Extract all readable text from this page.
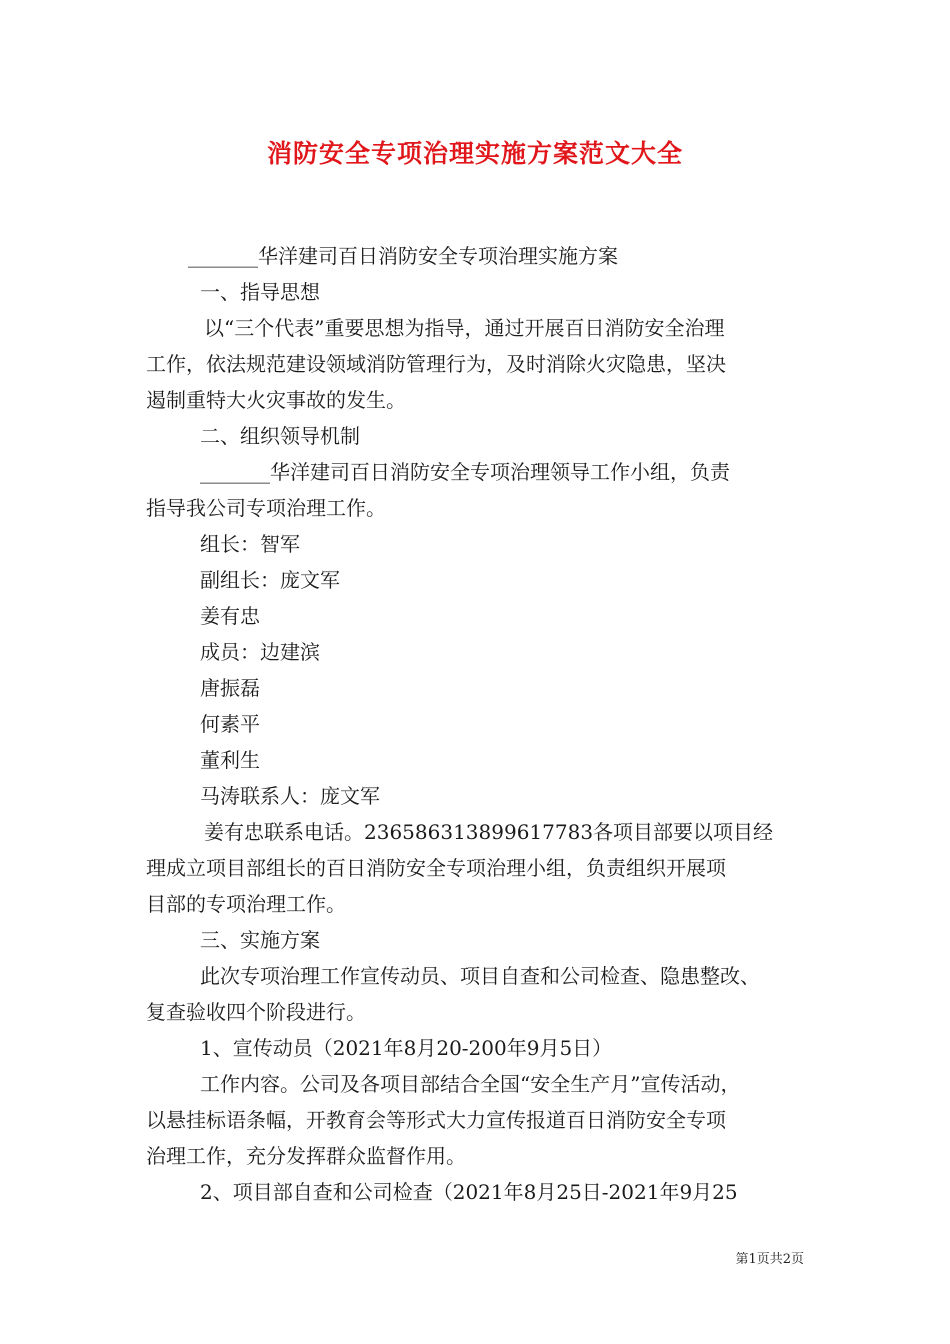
消防安全专项治理实施方案范文大全

_______华洋建司百日消防安全专项治理实施方案

一、指导思想

以“三个代表”重要思想为指导，通过开展百日消防安全治理

工作，依法规范建设领域消防管理行为，及时消除火灾隐患，坚决

遏制重特大火灾事故的发生。

二、组织领导机制

_______华洋建司百日消防安全专项治理领导工作小组，负责

指导我公司专项治理工作。

组长：智军

副组长：庞文军

姜有忠

成员：边建滨

唐振磊

何素平

董利生

马涛联系人：庞文军

姜有忠联系电话。236586313899617783各项目部要以项目经

理成立项目部组长的百日消防安全专项治理小组，负责组织开展项

目部的专项治理工作。

三、实施方案

此次专项治理工作宣传动员、项目自查和公司检查、隐患整改、

复查验收四个阶段进行。

1、宣传动员（2021年8月20-200年9月5日）

工作内容。公司及各项目部结合全国“安全生产月”宣传活动，

以悬挂标语条幅，开教育会等形式大力宣传报道百日消防安全专项

治理工作，充分发挥群众监督作用。

2、项目部自查和公司检查（2021年8月25日-2021年9月25

第1页共2页
